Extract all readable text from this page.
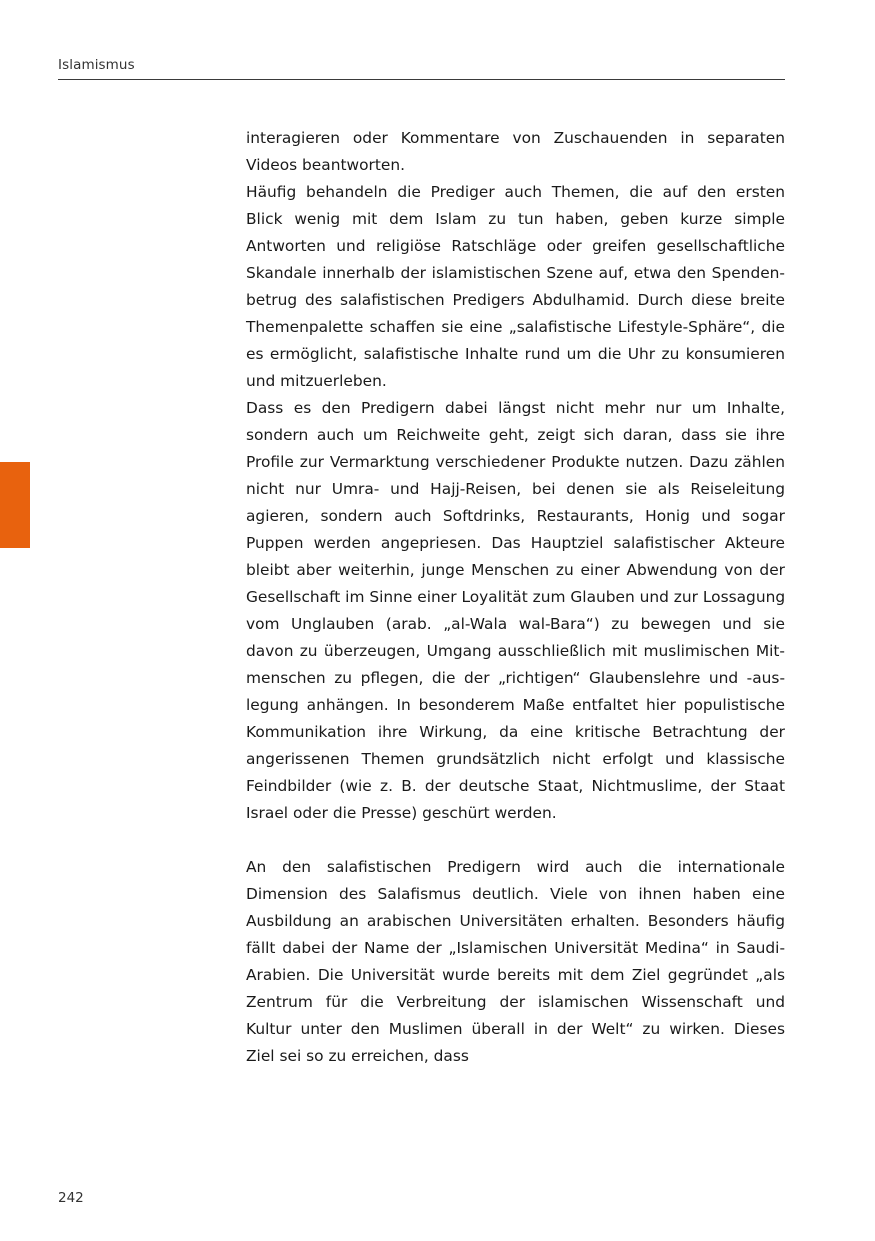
Islamismus
interagieren oder Kommentare von Zuschauenden in separaten
Videos beantworten.
Häufig behandeln die Prediger auch Themen, die auf den ersten
Blick wenig mit dem Islam zu tun haben, geben kurze simple
Antworten und religiöse Ratschläge oder greifen gesellschaftliche
Skandale innerhalb der islamistischen Szene auf, etwa den Spenden-
betrug des salafistischen Predigers Abdulhamid. Durch diese breite
Themenpalette schaffen sie eine „salafistische Lifestyle-Sphäre“, die
es ermöglicht, salafistische Inhalte rund um die Uhr zu konsumieren
und mitzuerleben.
Dass es den Predigern dabei längst nicht mehr nur um Inhalte,
sondern auch um Reichweite geht, zeigt sich daran, dass sie ihre
Profile zur Vermarktung verschiedener Produkte nutzen. Dazu zählen
nicht nur Umra- und Hajj-Reisen, bei denen sie als Reiseleitung
agieren, sondern auch Softdrinks, Restaurants, Honig und sogar
Puppen werden angepriesen. Das Hauptziel salafistischer Akteure
bleibt aber weiterhin, junge Menschen zu einer Abwendung von der
Gesellschaft im Sinne einer Loyalität zum Glauben und zur Lossagung
vom Unglauben (arab. „al-Wala wal-Bara“) zu bewegen und sie
davon zu überzeugen, Umgang ausschließlich mit muslimischen Mit-
menschen zu pflegen, die der „richtigen“ Glaubenslehre und -aus-
legung anhängen. In besonderem Maße entfaltet hier populistische
Kommunikation ihre Wirkung, da eine kritische Betrachtung der
angerissenen Themen grundsätzlich nicht erfolgt und klassische
Feindbilder (wie z. B. der deutsche Staat, Nichtmuslime, der Staat
Israel oder die Presse) geschürt werden.
An den salafistischen Predigern wird auch die internationale
Dimension des Salafismus deutlich. Viele von ihnen haben eine
Ausbildung an arabischen Universitäten erhalten. Besonders häufig
fällt dabei der Name der „Islamischen Universität Medina“ in Saudi-
Arabien. Die Universität wurde bereits mit dem Ziel gegründet „als
Zentrum für die Verbreitung der islamischen Wissenschaft und
Kultur unter den Muslimen überall in der Welt“ zu wirken. Dieses
Ziel sei so zu erreichen, dass
242
